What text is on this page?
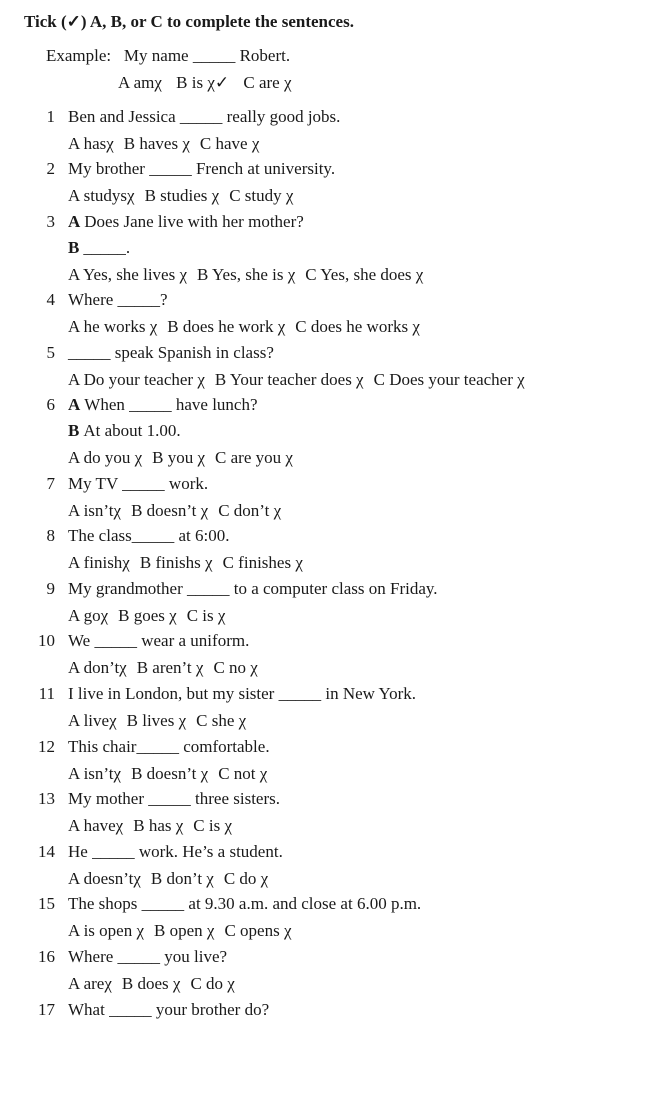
Tick (✓) A, B, or C to complete the sentences.
Example: My name _____ Robert.
A amχ B is χ✓ C are χ
1 Ben and Jessica _____ really good jobs.
A hasχ B haves χ C have χ
2 My brother _____ French at university.
A studysχ B studies χ C study χ
3 A Does Jane live with her mother?
B _____.
A Yes, she lives χ B Yes, she is χ C Yes, she does χ
4 Where _____?
A he works χ B does he work χ C does he works χ
5 _____ speak Spanish in class?
A Do your teacher χ B Your teacher does χ C Does your teacher χ
6 A When _____ have lunch?
B At about 1.00.
A do you χ B you χ C are you χ
7 My TV _____ work.
A isn’tχ B doesn’t χ C don’t χ
8 The class_____ at 6:00.
A finishχ B finishs χ C finishes χ
9 My grandmother _____ to a computer class on Friday.
A goχ B goes χ C is χ
10 We _____ wear a uniform.
A don’tχ B aren’t χ C no χ
11 I live in London, but my sister _____ in New York.
A liveχ B lives χ C she χ
12 This chair_____ comfortable.
A isn’tχ B doesn’t χ C not χ
13 My mother _____ three sisters.
A haveχ B has χ C is χ
14 He _____ work. He’s a student.
A doesn’tχ B don’t χ C do χ
15 The shops _____ at 9.30 a.m. and close at 6.00 p.m.
A is open χ B open χ C opens χ
16 Where _____ you live?
A areχ B does χ C do χ
17 What _____ your brother do?
